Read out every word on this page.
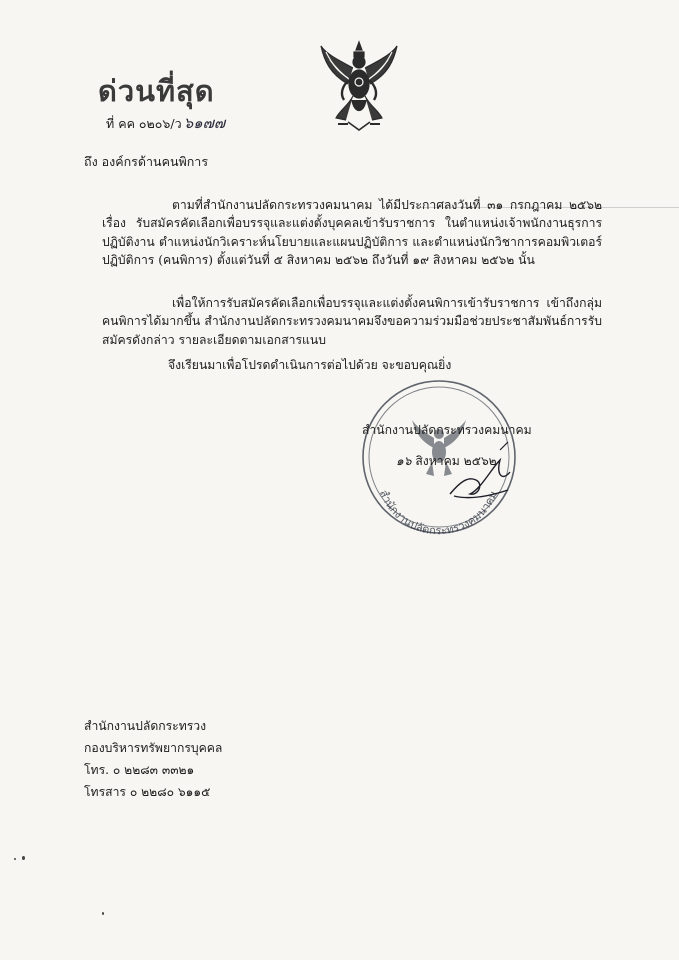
ด่วนที่สุด
ที่ คค ๐๒๐๖/ว ๖๑๗๗
ถึง องค์กรด้านคนพิการ

ตามที่สำนักงานปลัดกระทรวงคมนาคม ได้มีประกาศลงวันที่ ๓๑ กรกฎาคม ๒๕๖๒ เรื่อง รับสมัครคัดเลือกเพื่อบรรจุและแต่งตั้งบุคคลเข้ารับราชการ ในตำแหน่งเจ้าพนักงานธุรการปฏิบัติงาน ตำแหน่งนักวิเคราะห์นโยบายและแผนปฏิบัติการ และตำแหน่งนักวิชาการคอมพิวเตอร์ปฏิบัติการ (คนพิการ) ตั้งแต่วันที่ ๕ สิงหาคม ๒๕๖๒ ถึงวันที่ ๑๙ สิงหาคม ๒๕๖๒ นั้น

เพื่อให้การรับสมัครคัดเลือกเพื่อบรรจุและแต่งตั้งคนพิการเข้ารับราชการ เข้าถึงกลุ่มคนพิการได้มากขึ้น สำนักงานปลัดกระทรวงคมนาคมจึงขอความร่วมมือช่วยประชาสัมพันธ์การรับสมัครดังกล่าว รายละเอียดตามเอกสารแนบ

จึงเรียนมาเพื่อโปรดดำเนินการต่อไปด้วย จะขอบคุณยิ่ง
สำนักงานปลัดกระทรวงคมนาคม
สำนักงานปลัดกระทรวงคมนาคม
๑๖ สิงหาคม ๒๕๖๒
สำนักงานปลัดกระทรวง
กองบริหารทรัพยากรบุคคล
โทร. ๐ ๒๒๘๓ ๓๓๒๑
โทรสาร ๐ ๒๒๘๐ ๖๑๑๕
